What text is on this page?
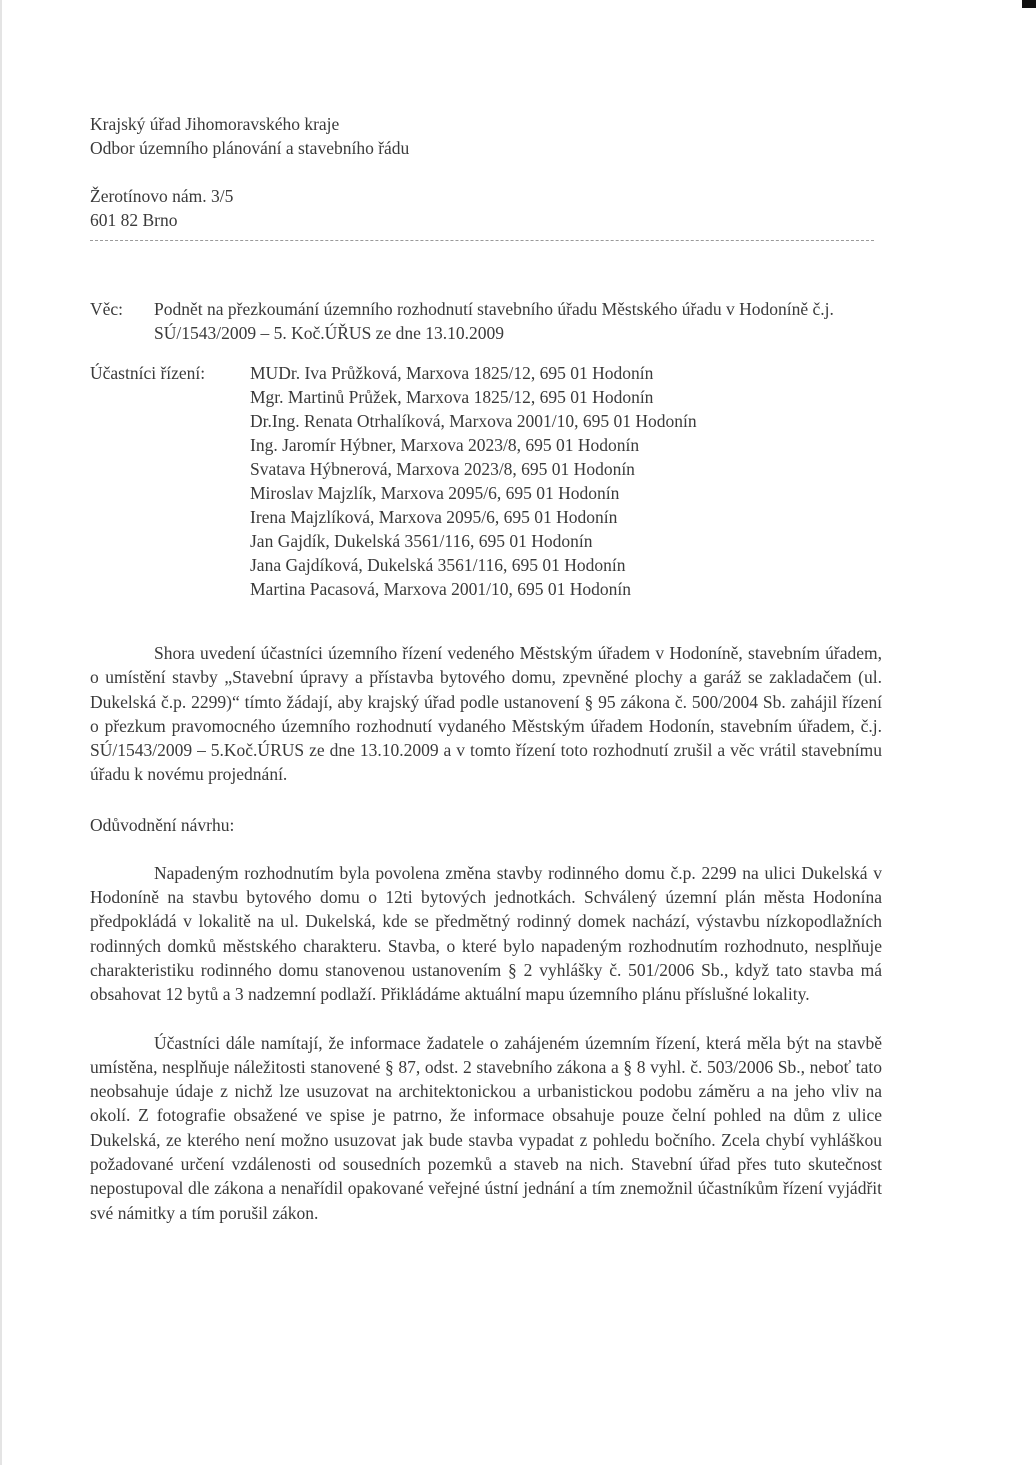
Krajský úřad Jihomoravského kraje
Odbor územního plánování a stavebního řádu
Žerotínovo nám. 3/5
601 82 Brno
Věc:	Podnět na přezkoumání územního rozhodnutí stavebního úřadu Městského úřadu v Hodoníně č.j. SÚ/1543/2009 – 5. Koč.ÚŘUS ze dne 13.10.2009
Účastníci řízení:	MUDr. Iva Průžková, Marxova 1825/12, 695 01 Hodonín
Mgr. Martinů Průžek, Marxova 1825/12, 695 01 Hodonín
Dr.Ing. Renata Otrhalíková, Marxova 2001/10, 695 01 Hodonín
Ing. Jaromír Hýbner, Marxova 2023/8, 695 01 Hodonín
Svatava Hýbnerová, Marxova 2023/8, 695 01 Hodonín
Miroslav Majzlík, Marxova 2095/6, 695 01 Hodonín
Irena Majzlíková, Marxova 2095/6, 695 01 Hodonín
Jan Gajdík, Dukelská 3561/116, 695 01 Hodonín
Jana Gajdíková, Dukelská 3561/116, 695 01 Hodonín
Martina Pacasová, Marxova 2001/10, 695 01 Hodonín

Shora uvedení účastníci územního řízení vedeného Městským úřadem v Hodoníně, stavebním úřadem, o umístění stavby „Stavební úpravy a přístavba bytového domu, zpevněné plochy a garáž se zakladačem (ul. Dukelská č.p. 2299)“ tímto žádají, aby krajský úřad podle ustanovení § 95 zákona č. 500/2004 Sb. zahájil řízení o přezkum pravomocného územního rozhodnutí vydaného Městským úřadem Hodonín, stavebním úřadem, č.j. SÚ/1543/2009 – 5.Koč.ÚRUS ze dne 13.10.2009 a v tomto řízení toto rozhodnutí zrušil a věc vrátil stavebnímu úřadu k novému projednání.

Odůvodnění návrhu:

Napadeným rozhodnutím byla povolena změna stavby rodinného domu č.p. 2299 na ulici Dukelská v Hodoníně na stavbu bytového domu o 12ti bytových jednotkách. Schválený územní plán města Hodonína předpokládá v lokalitě na ul. Dukelská, kde se předmětný rodinný domek nachází, výstavbu nízkopodlažních rodinných domků městského charakteru. Stavba, o které bylo napadeným rozhodnutím rozhodnuto, nesplňuje charakteristiku rodinného domu stanovenou ustanovením § 2 vyhlášky č. 501/2006 Sb., když tato stavba má obsahovat 12 bytů a 3 nadzemní podlaží. Přikládáme aktuální mapu územního plánu příslušné lokality.

Účastníci dále namítají, že informace žadatele o zahájeném územním řízení, která měla být na stavbě umístěna, nesplňuje náležitosti stanovené § 87, odst. 2 stavebního zákona a § 8 vyhl. č. 503/2006 Sb., neboť tato neobsahuje údaje z nichž lze usuzovat na architektonickou a urbanistickou podobu záměru a na jeho vliv na okolí. Z fotografie obsažené ve spise je patrno, že informace obsahuje pouze čelní pohled na dům z ulice Dukelská, ze kterého není možno usuzovat jak bude stavba vypadat z pohledu bočního. Zcela chybí vyhláškou požadované určení vzdálenosti od sousedních pozemků a staveb na nich. Stavební úřad přes tuto skutečnost nepostupoval dle zákona a nenařídil opakované veřejné ústní jednání a tím znemožnil účastníkům řízení vyjádřit své námitky a tím porušil zákon.
